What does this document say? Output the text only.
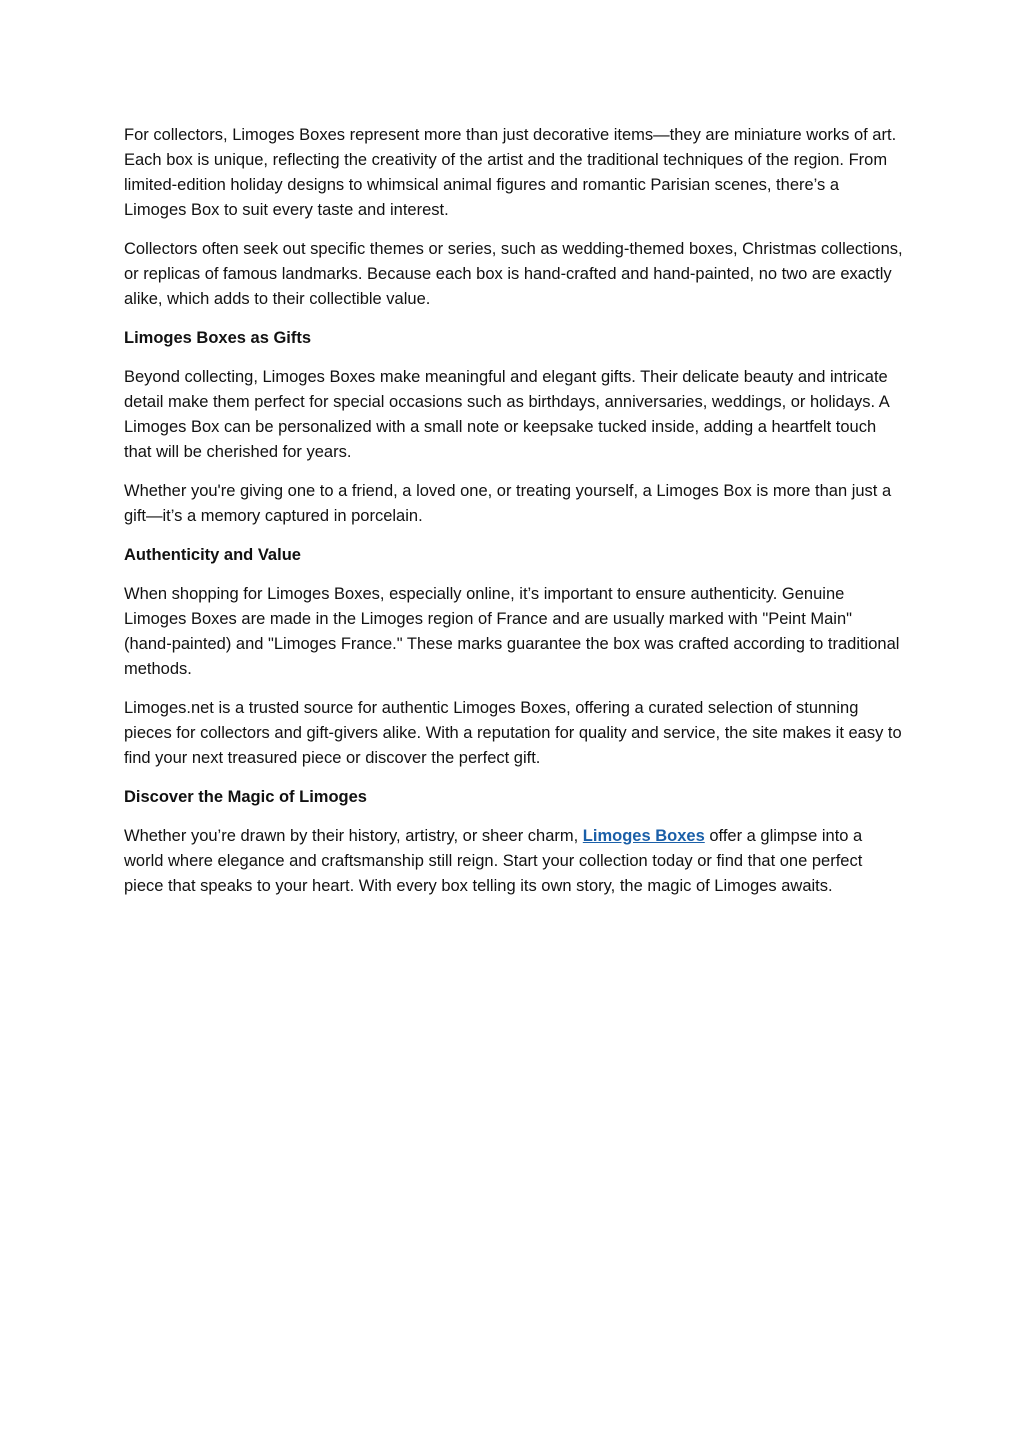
For collectors, Limoges Boxes represent more than just decorative items—they are miniature works of art. Each box is unique, reflecting the creativity of the artist and the traditional techniques of the region. From limited-edition holiday designs to whimsical animal figures and romantic Parisian scenes, there’s a Limoges Box to suit every taste and interest.

Collectors often seek out specific themes or series, such as wedding-themed boxes, Christmas collections, or replicas of famous landmarks. Because each box is hand-crafted and hand-painted, no two are exactly alike, which adds to their collectible value.

Limoges Boxes as Gifts

Beyond collecting, Limoges Boxes make meaningful and elegant gifts. Their delicate beauty and intricate detail make them perfect for special occasions such as birthdays, anniversaries, weddings, or holidays. A Limoges Box can be personalized with a small note or keepsake tucked inside, adding a heartfelt touch that will be cherished for years.

Whether you're giving one to a friend, a loved one, or treating yourself, a Limoges Box is more than just a gift—it’s a memory captured in porcelain.

Authenticity and Value

When shopping for Limoges Boxes, especially online, it’s important to ensure authenticity. Genuine Limoges Boxes are made in the Limoges region of France and are usually marked with "Peint Main" (hand-painted) and "Limoges France." These marks guarantee the box was crafted according to traditional methods.

Limoges.net is a trusted source for authentic Limoges Boxes, offering a curated selection of stunning pieces for collectors and gift-givers alike. With a reputation for quality and service, the site makes it easy to find your next treasured piece or discover the perfect gift.

Discover the Magic of Limoges

Whether you’re drawn by their history, artistry, or sheer charm, Limoges Boxes offer a glimpse into a world where elegance and craftsmanship still reign. Start your collection today or find that one perfect piece that speaks to your heart. With every box telling its own story, the magic of Limoges awaits.
